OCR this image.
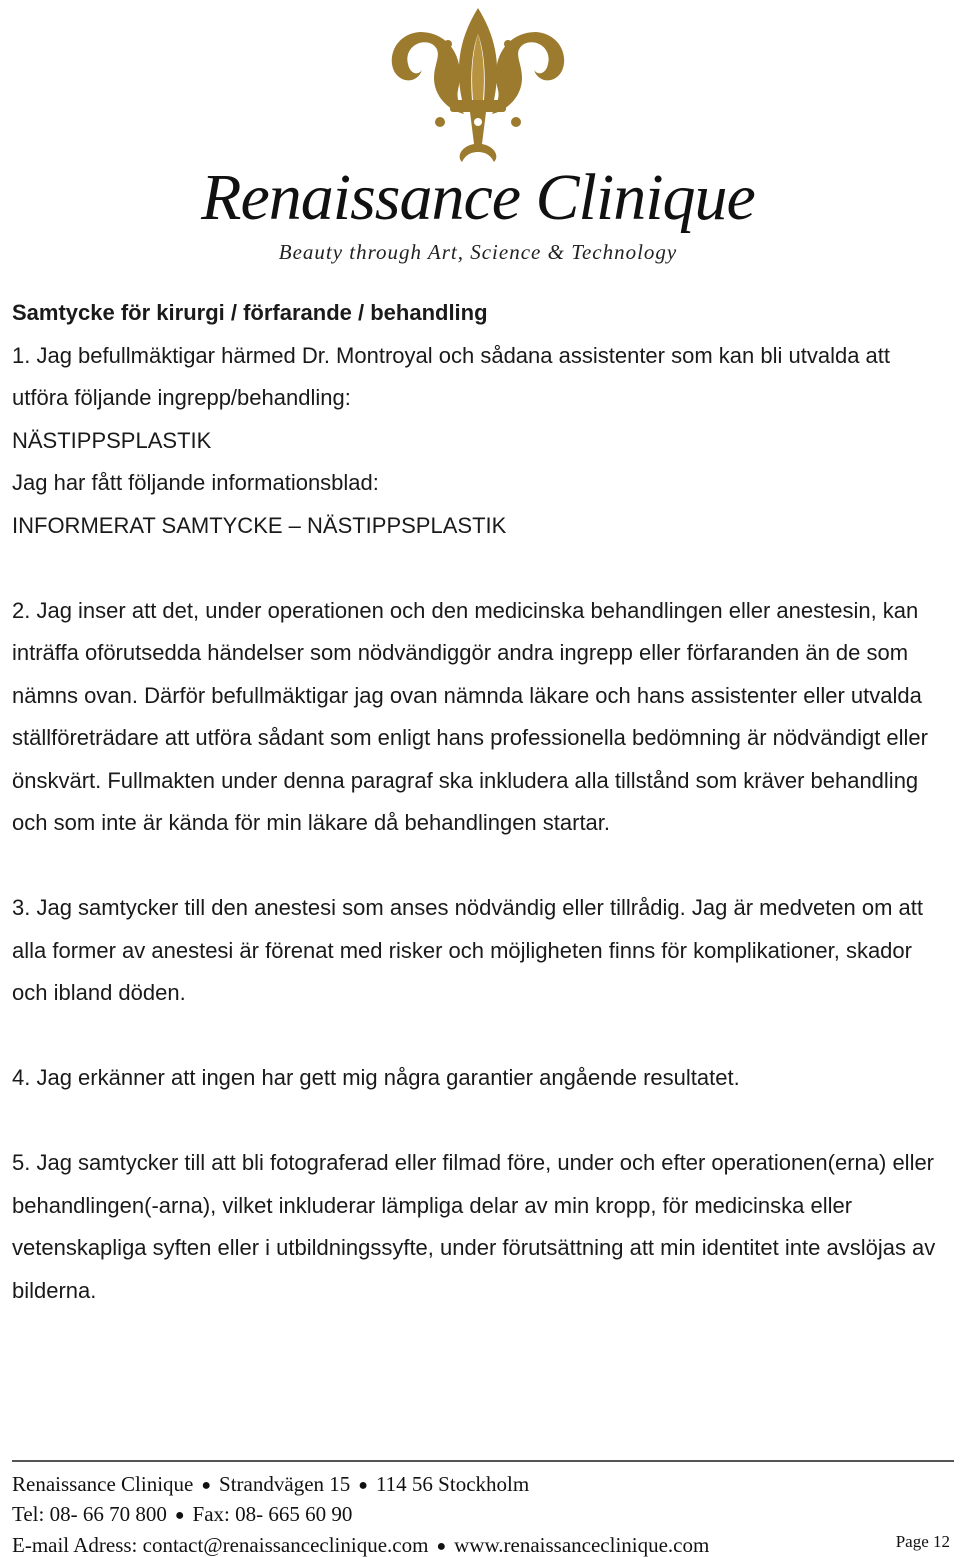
Renaissance Clinique
Beauty through Art, Science & Technology
Samtycke för kirurgi / förfarande / behandling
1. Jag befullmäktigar härmed Dr. Montroyal och sådana assistenter som kan bli utvalda att utföra följande ingrepp/behandling:
NÄSTIPPSPLASTIK
Jag har fått följande informationsblad:
INFORMERAT SAMTYCKE – NÄSTIPPSPLASTIK
2. Jag inser att det, under operationen och den medicinska behandlingen eller anestesin, kan inträffa oförutsedda händelser som nödvändiggör andra ingrepp eller förfaranden än de som nämns ovan. Därför befullmäktigar jag ovan nämnda läkare och hans assistenter eller utvalda ställföreträdare att utföra sådant som enligt hans professionella bedömning är nödvändigt eller önskvärt. Fullmakten under denna paragraf ska inkludera alla tillstånd som kräver behandling och som inte är kända för min läkare då behandlingen startar.
3. Jag samtycker till den anestesi som anses nödvändig eller tillrådig. Jag är medveten om att alla former av anestesi är förenat med risker och möjligheten finns för komplikationer, skador och ibland döden.
4. Jag erkänner att ingen har gett mig några garantier angående resultatet.
5. Jag samtycker till att bli fotograferad eller filmad före, under och efter operationen(erna) eller behandlingen(-arna), vilket inkluderar lämpliga delar av min kropp, för medicinska eller vetenskapliga syften eller i utbildningssyfte, under förutsättning att min identitet inte avslöjas av bilderna.
Renaissance Clinique ● Strandvägen 15 ● 114 56 Stockholm
Tel: 08- 66 70 800 ● Fax: 08- 665 60 90
E-mail Adress: contact@renaissanceclinique.com ● www.renaissanceclinique.com	Page 12
